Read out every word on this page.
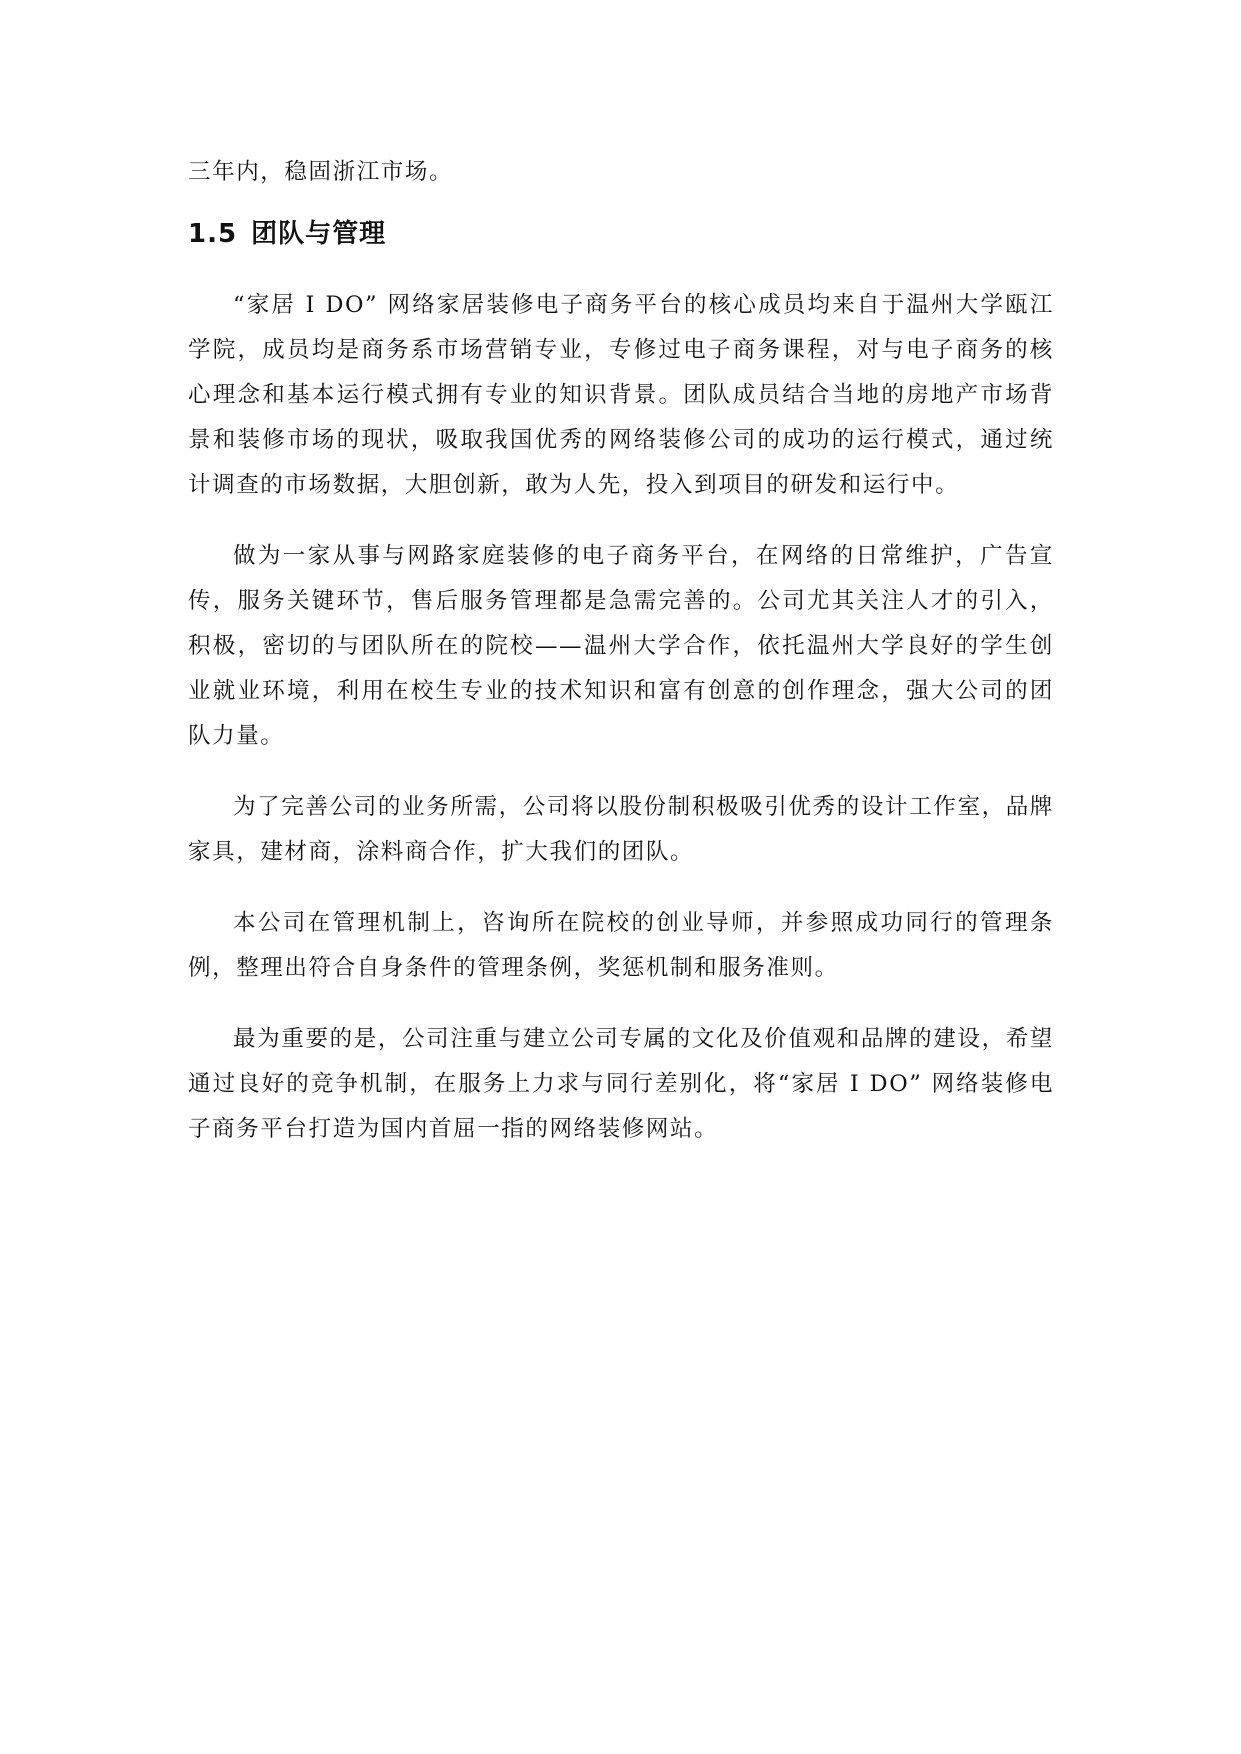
三年内，稳固浙江市场。

1.5 团队与管理

“家居 I DO” 网络家居装修电子商务平台的核心成员均来自于温州大学瓯江学院，成员均是商务系市场营销专业，专修过电子商务课程，对与电子商务的核心理念和基本运行模式拥有专业的知识背景。团队成员结合当地的房地产市场背景和装修市场的现状，吸取我国优秀的网络装修公司的成功的运行模式，通过统计调查的市场数据，大胆创新，敢为人先，投入到项目的研发和运行中。

做为一家从事与网路家庭装修的电子商务平台，在网络的日常维护，广告宣传，服务关键环节，售后服务管理都是急需完善的。公司尤其关注人才的引入，积极，密切的与团队所在的院校——温州大学合作，依托温州大学良好的学生创业就业环境，利用在校生专业的技术知识和富有创意的创作理念，强大公司的团队力量。

为了完善公司的业务所需，公司将以股份制积极吸引优秀的设计工作室，品牌家具，建材商，涂料商合作，扩大我们的团队。

本公司在管理机制上，咨询所在院校的创业导师，并参照成功同行的管理条例，整理出符合自身条件的管理条例，奖惩机制和服务准则。

最为重要的是，公司注重与建立公司专属的文化及价值观和品牌的建设，希望通过良好的竞争机制，在服务上力求与同行差别化，将“家居 I DO” 网络装修电子商务平台打造为国内首屈一指的网络装修网站。
